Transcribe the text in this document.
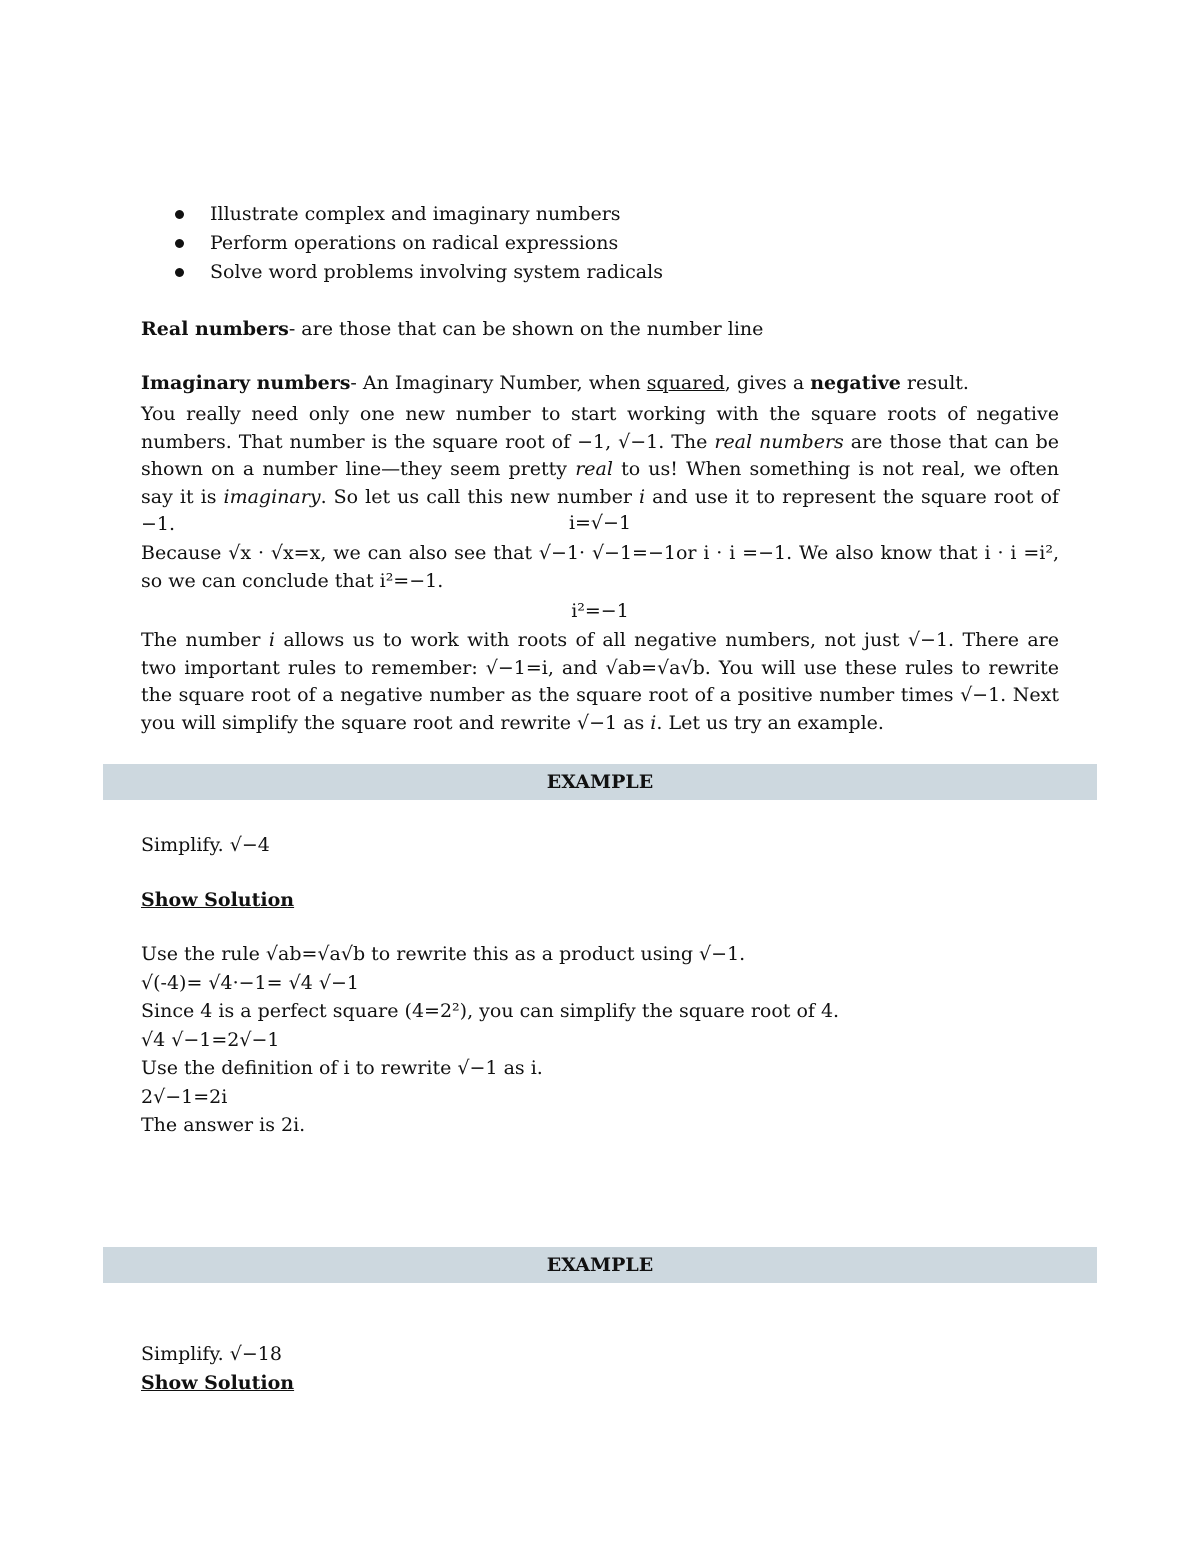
Illustrate complex and imaginary numbers
Perform operations on radical expressions
Solve word problems involving system radicals
Real numbers- are those that can be shown on the number line
Imaginary numbers- An Imaginary Number, when squared, gives a negative result.
You really need only one new number to start working with the square roots of negative numbers. That number is the square root of −1, √−1. The real numbers are those that can be shown on a number line—they seem pretty real to us! When something is not real, we often say it is imaginary. So let us call this new number i and use it to represent the square root of −1.	i=√−1
Because √x · √x=x, we can also see that √−1· √−1=−1or i · i =−1. We also know that i · i =i², so we can conclude that i²=−1.
i²=−1
The number i allows us to work with roots of all negative numbers, not just √−1. There are two important rules to remember: √−1=i, and √ab=√a√b. You will use these rules to rewrite the square root of a negative number as the square root of a positive number times √−1. Next you will simplify the square root and rewrite √−1 as i. Let us try an example.
EXAMPLE
Simplify. √−4
Show Solution
Use the rule √ab=√a√b to rewrite this as a product using √−1.
√(-4)= √4·−1= √4 √−1
Since 4 is a perfect square (4=2²), you can simplify the square root of 4.
√4 √−1=2√−1
Use the definition of i to rewrite √−1 as i.
2√−1=2i
The answer is 2i.
EXAMPLE
Simplify. √−18
Show Solution
